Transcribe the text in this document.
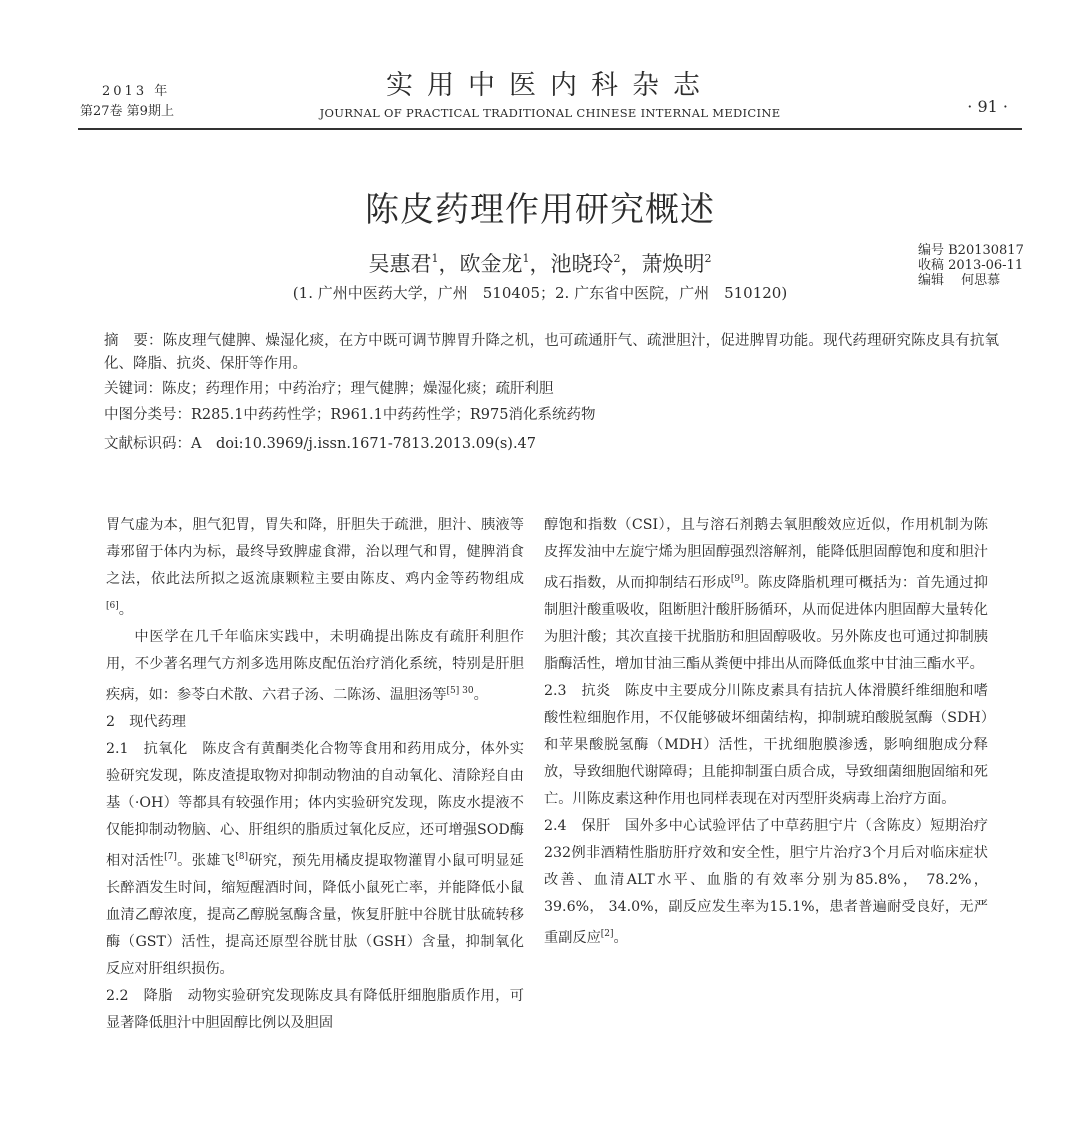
2013 年
第27卷 第9期上
实用中医内科杂志
JOURNAL OF PRACTICAL TRADITIONAL CHINESE INTERNAL MEDICINE	· 91 ·
陈皮药理作用研究概述
吴惠君$^1$，欧金龙$^1$，池晓玲$^2$，萧焕明$^2$
(1. 广州中医药大学，广州　510405；2. 广东省中医院，广州　510120)
编号 B20130817
收稿 2013-06-11
编辑　 何思慕
摘　要：陈皮理气健脾、燥湿化痰，在方中既可调节脾胃升降之机，也可疏通肝气、疏泄胆汁，促进脾胃功能。现代药理研究陈皮具有抗氧化、降脂、抗炎、保肝等作用。
关键词：陈皮；药理作用；中药治疗；理气健脾；燥湿化痰；疏肝利胆
中图分类号：R285.1中药药性学；R961.1中药药性学；R975消化系统药物
文献标识码：A　doi:10.3969/j.issn.1671-7813.2013.09(s).47

胃气虚为本，胆气犯胃，胃失和降，肝胆失于疏泄，胆汁、胰液等毒邪留于体内为标，最终导致脾虚食滞，治以理气和胃，健脾消食之法，依此法所拟之返流康颗粒主要由陈皮、鸡内金等药物组成[6]。

中医学在几千年临床实践中，未明确提出陈皮有疏肝利胆作用，不少著名理气方剂多选用陈皮配伍治疗消化系统，特别是肝胆疾病，如：参苓白术散、六君子汤、二陈汤、温胆汤等$^{[5] 30}$。

2　现代药理

2.1　抗氧化　陈皮含有黄酮类化合物等食用和药用成分，体外实验研究发现，陈皮渣提取物对抑制动物油的自动氧化、清除羟自由基（·OH）等都具有较强作用；体内实验研究发现，陈皮水提液不仅能抑制动物脑、心、肝组织的脂质过氧化反应，还可增强SOD酶相对活性[7]。张雄飞[8]研究，预先用橘皮提取物灌胃小鼠可明显延长醉酒发生时间，缩短醒酒时间，降低小鼠死亡率，并能降低小鼠血清乙醇浓度，提高乙醇脱氢酶含量，恢复肝脏中谷胱甘肽硫转移酶（GST）活性，提高还原型谷胱甘肽（GSH）含量，抑制氧化反应对肝组织损伤。

2.2　降脂　动物实验研究发现陈皮具有降低肝细胞脂质作用，可显著降低胆汁中胆固醇比例以及胆固

醇饱和指数（CSI），且与溶石剂鹅去氧胆酸效应近似，作用机制为陈皮挥发油中左旋宁烯为胆固醇强烈溶解剂，能降低胆固醇饱和度和胆汁成石指数，从而抑制结石形成[9]。陈皮降脂机理可概括为：首先通过抑制胆汁酸重吸收，阻断胆汁酸肝肠循环，从而促进体内胆固醇大量转化为胆汁酸；其次直接干扰脂肪和胆固醇吸收。另外陈皮也可通过抑制胰脂酶活性，增加甘油三酯从粪便中排出从而降低血浆中甘油三酯水平。

2.3　抗炎　陈皮中主要成分川陈皮素具有拮抗人体滑膜纤维细胞和嗜酸性粒细胞作用，不仅能够破坏细菌结构，抑制琥珀酸脱氢酶（SDH）和苹果酸脱氢酶（MDH）活性，干扰细胞膜渗透，影响细胞成分释放，导致细胞代谢障碍；且能抑制蛋白质合成，导致细菌细胞固缩和死亡。川陈皮素这种作用也同样表现在对丙型肝炎病毒上治疗方面。

2.4　保肝　国外多中心试验评估了中草药胆宁片（含陈皮）短期治疗232例非酒精性脂肪肝疗效和安全性，胆宁片治疗3个月后对临床症状改善、血清ALT水平、血脂的有效率分别为85.8%， 78.2%， 39.6%， 34.0%，副反应发生率为15.1%，患者普遍耐受良好，无严重副反应[2]。
